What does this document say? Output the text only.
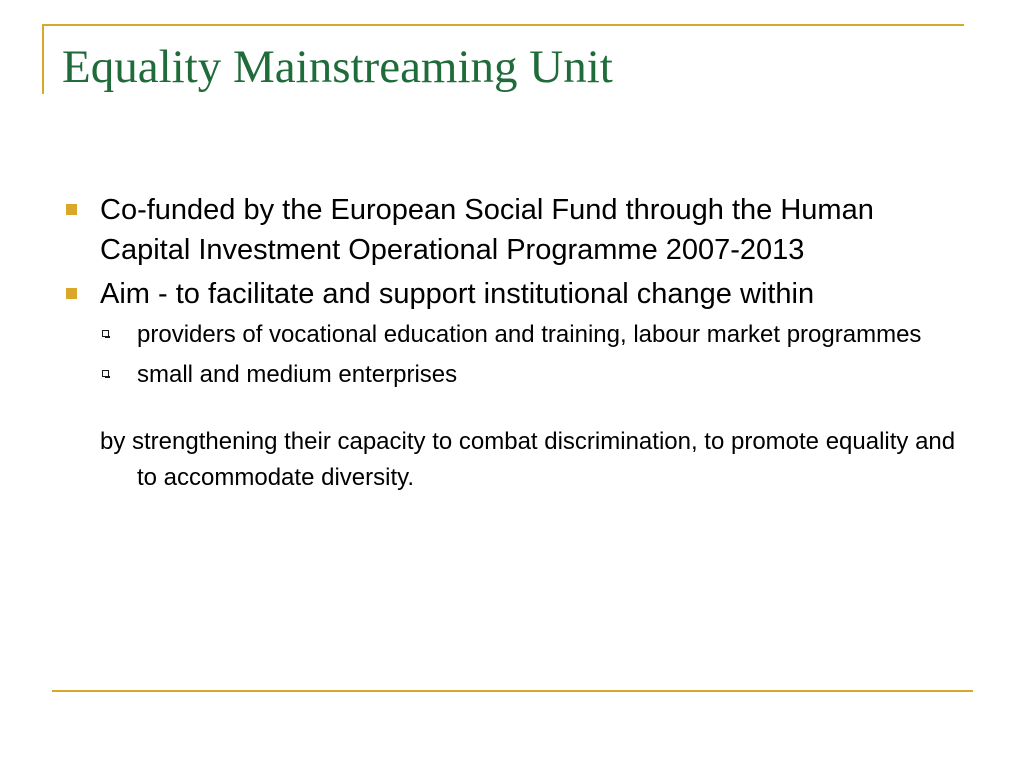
Equality Mainstreaming Unit
Co-funded by the European Social Fund through the Human Capital Investment Operational Programme 2007-2013
Aim - to facilitate and support institutional change within
providers of vocational education and training, labour market programmes
small and medium enterprises

by strengthening their capacity to combat discrimination, to promote equality and to accommodate diversity.
